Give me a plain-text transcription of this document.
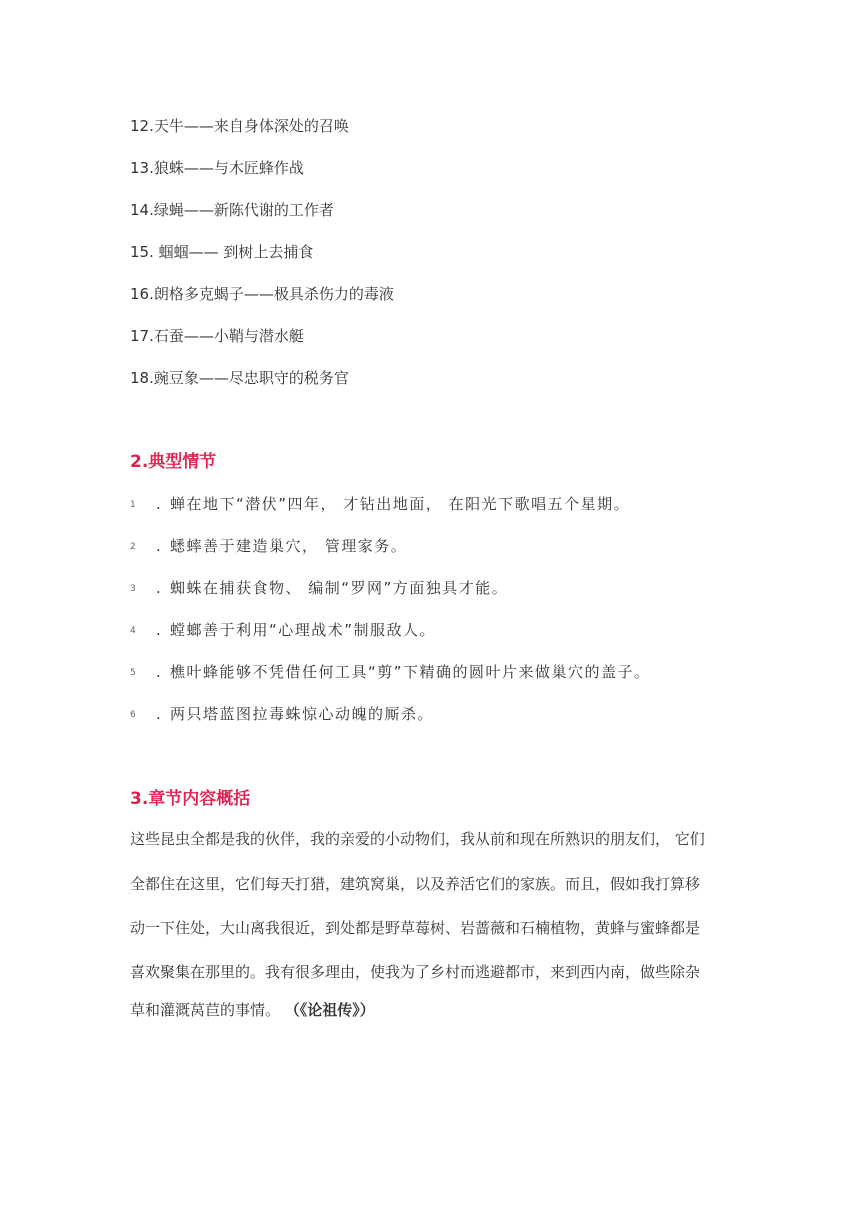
12.天牛——来自身体深处的召唤
13.狼蛛——与木匠蜂作战
14.绿蝇——新陈代谢的工作者
15. 蝈蝈—— 到树上去捕食
16.朗格多克蝎子——极具杀伤力的毒液
17.石蚕——小鞘与潜水艇
18.豌豆象——尽忠职守的税务官
2.典型情节
1 . 蝉在地下“潜伏”四年， 才钻出地面， 在阳光下歌唱五个星期。
2 . 蟋蟀善于建造巢穴， 管理家务。
3 . 蜘蛛在捕获食物、 编制“罗网”方面独具才能。
4 . 螳螂善于利用“心理战术”制服敌人。
5 . 樵叶蜂能够不凭借任何工具“剪”下精确的圆叶片来做巢穴的盖子。
6 . 两只塔蓝图拉毒蛛惊心动魄的厮杀。
3.章节内容概括
这些昆虫全都是我的伙伴，我的亲爱的小动物们，我从前和现在所熟识的朋友们， 它们
全都住在这里，它们每天打猎，建筑窝巢，以及养活它们的家族。而且，假如我打算移
动一下住处，大山离我很近，到处都是野草莓树、岩蔷薇和石楠植物，黄蜂与蜜蜂都是
喜欢聚集在那里的。我有很多理由，使我为了乡村而逃避都市，来到西内南，做些除杂
草和灌溉莴苣的事情。 （《论祖传》）
